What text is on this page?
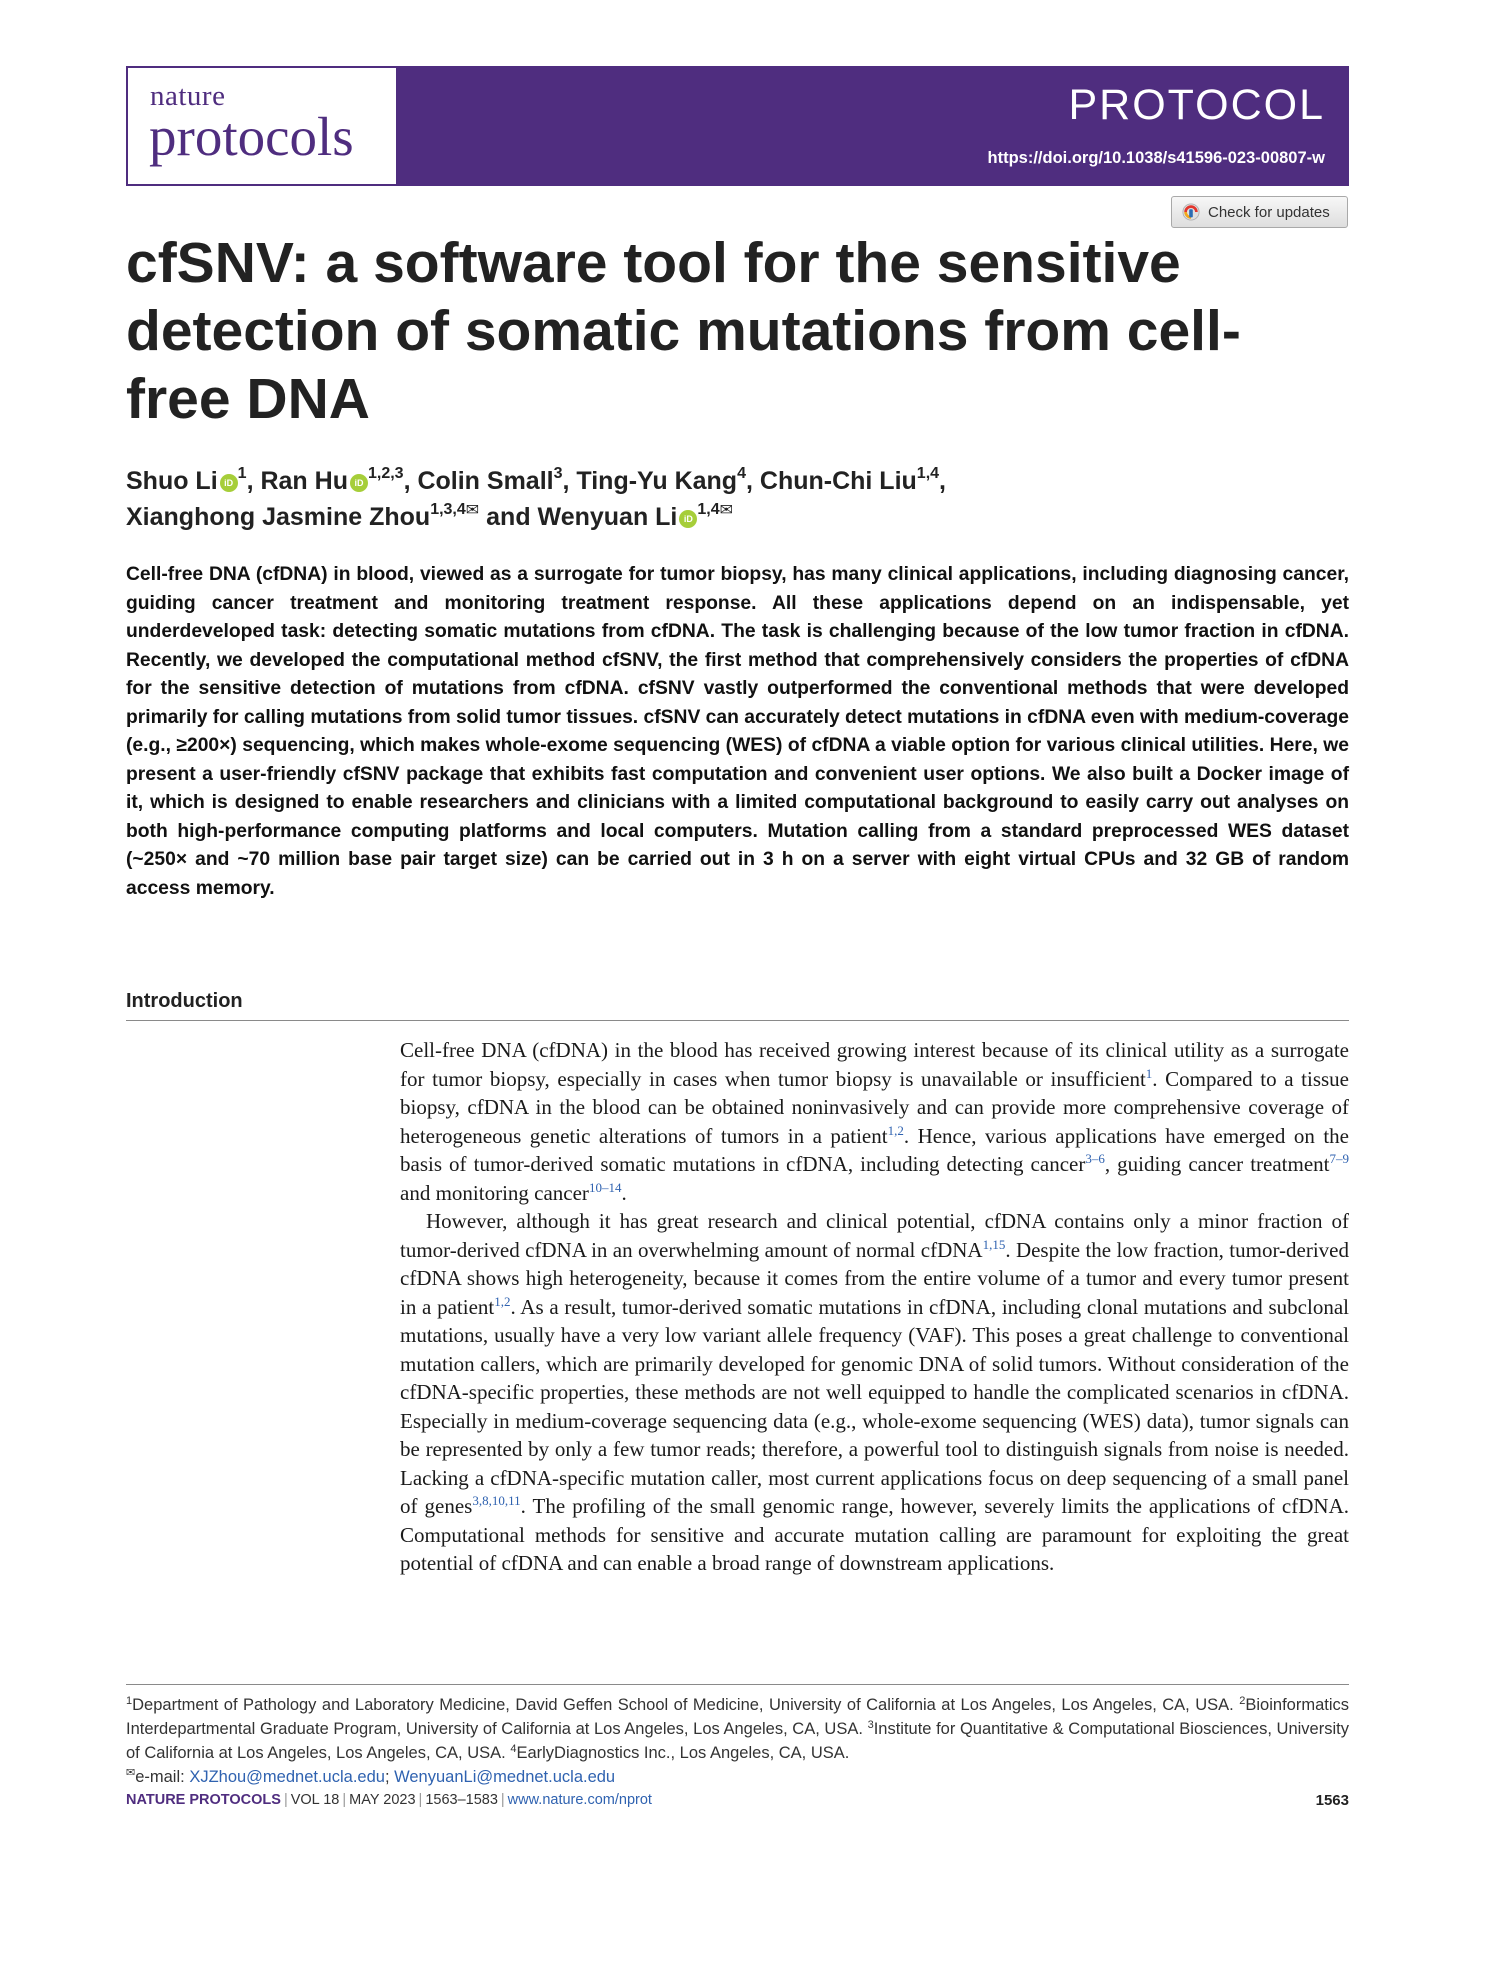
nature
protocols
PROTOCOL
https://doi.org/10.1038/s41596-023-00807-w
Check for updates
cfSNV: a software tool for the sensitive detection of somatic mutations from cell-free DNA
Shuo Li iD$^1$, Ran Hu iD$^{1,2,3}$, Colin Small$^3$, Ting-Yu Kang$^4$, Chun-Chi Liu$^{1,4}$,
Xianghong Jasmine Zhou$^{1,3,4✉}$ and Wenyuan Li iD$^{1,4✉}$

Cell-free DNA (cfDNA) in blood, viewed as a surrogate for tumor biopsy, has many clinical applications, including diagnosing cancer, guiding cancer treatment and monitoring treatment response. All these applications depend on an indispensable, yet underdeveloped task: detecting somatic mutations from cfDNA. The task is challenging because of the low tumor fraction in cfDNA. Recently, we developed the computational method cfSNV, the first method that comprehensively considers the properties of cfDNA for the sensitive detection of mutations from cfDNA. cfSNV vastly outperformed the conventional methods that were developed primarily for calling mutations from solid tumor tissues. cfSNV can accurately detect mutations in cfDNA even with medium-coverage (e.g., ≥200×) sequencing, which makes whole-exome sequencing (WES) of cfDNA a viable option for various clinical utilities. Here, we present a user-friendly cfSNV package that exhibits fast computation and convenient user options. We also built a Docker image of it, which is designed to enable researchers and clinicians with a limited computational background to easily carry out analyses on both high-performance computing platforms and local computers. Mutation calling from a standard preprocessed WES dataset (~250× and ~70 million base pair target size) can be carried out in 3 h on a server with eight virtual CPUs and 32 GB of random access memory.

Introduction

Cell-free DNA (cfDNA) in the blood has received growing interest because of its clinical utility as a surrogate for tumor biopsy, especially in cases when tumor biopsy is unavailable or insufficient$^1$. Compared to a tissue biopsy, cfDNA in the blood can be obtained noninvasively and can provide more comprehensive coverage of heterogeneous genetic alterations of tumors in a patient$^{1,2}$. Hence, various applications have emerged on the basis of tumor-derived somatic mutations in cfDNA, including detecting cancer$^{3-6}$, guiding cancer treatment$^{7-9}$ and monitoring cancer$^{10-14}$.

However, although it has great research and clinical potential, cfDNA contains only a minor fraction of tumor-derived cfDNA in an overwhelming amount of normal cfDNA$^{1,15}$. Despite the low fraction, tumor-derived cfDNA shows high heterogeneity, because it comes from the entire volume of a tumor and every tumor present in a patient$^{1,2}$. As a result, tumor-derived somatic mutations in cfDNA, including clonal mutations and subclonal mutations, usually have a very low variant allele frequency (VAF). This poses a great challenge to conventional mutation callers, which are primarily developed for genomic DNA of solid tumors. Without consideration of the cfDNA-specific properties, these methods are not well equipped to handle the complicated scenarios in cfDNA. Especially in medium-coverage sequencing data (e.g., whole-exome sequencing (WES) data), tumor signals can be represented by only a few tumor reads; therefore, a powerful tool to distinguish signals from noise is needed. Lacking a cfDNA-specific mutation caller, most current applications focus on deep sequencing of a small panel of genes$^{3,8,10,11}$. The profiling of the small genomic range, however, severely limits the applications of cfDNA. Computational methods for sensitive and accurate mutation calling are paramount for exploiting the great potential of cfDNA and can enable a broad range of downstream applications.

$^1$Department of Pathology and Laboratory Medicine, David Geffen School of Medicine, University of California at Los Angeles, Los Angeles, CA, USA. $^2$Bioinformatics Interdepartmental Graduate Program, University of California at Los Angeles, Los Angeles, CA, USA. $^3$Institute for Quantitative & Computational Biosciences, University of California at Los Angeles, Los Angeles, CA, USA. $^4$EarlyDiagnostics Inc., Los Angeles, CA, USA.
✉e-mail: XJZhou@mednet.ucla.edu; WenyuanLi@mednet.ucla.edu

NATURE PROTOCOLS | VOL 18 | MAY 2023 | 1563–1583 | www.nature.com/nprot	1563
